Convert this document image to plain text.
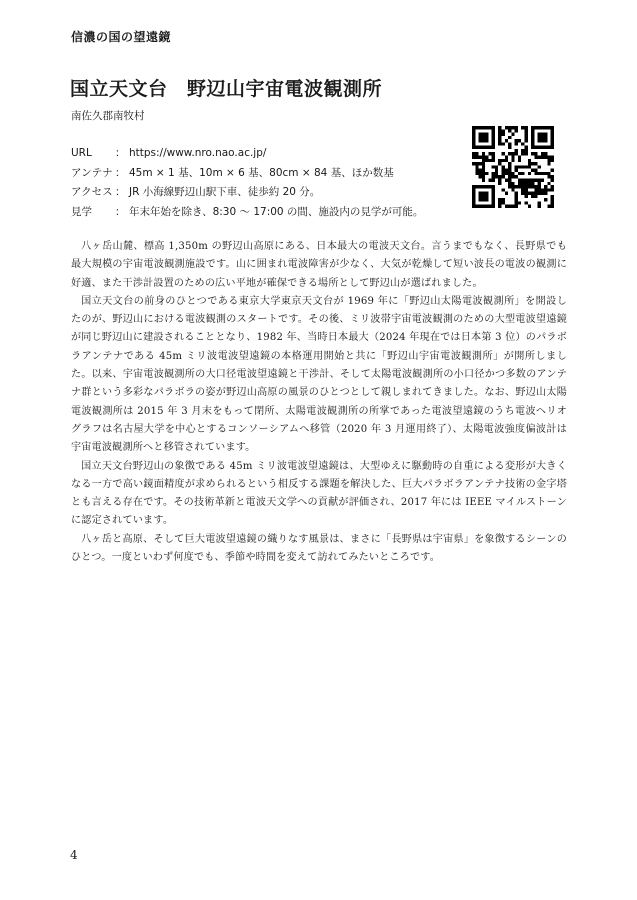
信濃の国の望遠鏡
国立天文台　野辺山宇宙電波観測所
南佐久郡南牧村
URL	： https://www.nro.nao.ac.jp/
アンテナ ： 45m × 1 基、10m × 6 基、80cm × 84 基、ほか数基
アクセス ： JR 小海線野辺山駅下車、徒歩約 20 分。
見学	： 年末年始を除き、8:30 ～ 17:00 の間、施設内の見学が可能。

八ヶ岳山麓、標高 1,350m の野辺山高原にある、日本最大の電波天文台。言うまでもなく、長野県でも最大規模の宇宙電波観測施設です。山に囲まれ電波障害が少なく、大気が乾燥して短い波長の電波の観測に好適、また干渉計設置のための広い平地が確保できる場所として野辺山が選ばれました。

国立天文台の前身のひとつである東京大学東京天文台が 1969 年に「野辺山太陽電波観測所」を開設したのが、野辺山における電波観測のスタートです。その後、ミリ波帯宇宙電波観測のための大型電波望遠鏡が同じ野辺山に建設されることとなり、1982 年、当時日本最大（2024 年現在では日本第 3 位）のパラボラアンテナである 45m ミリ波電波望遠鏡の本格運用開始と共に「野辺山宇宙電波観測所」が開所しました。以来、宇宙電波観測所の大口径電波望遠鏡と干渉計、そして太陽電波観測所の小口径かつ多数のアンテナ群という多彩なパラボラの姿が野辺山高原の風景のひとつとして親しまれてきました。なお、野辺山太陽電波観測所は 2015 年 3 月末をもって閉所、太陽電波観測所の所掌であった電波望遠鏡のうち電波ヘリオグラフは名古屋大学を中心とするコンソーシアムへ移管（2020 年 3 月運用終了）、太陽電波強度偏波計は宇宙電波観測所へと移管されています。

国立天文台野辺山の象徴である 45m ミリ波電波望遠鏡は、大型ゆえに駆動時の自重による変形が大きくなる一方で高い鏡面精度が求められるという相反する課題を解決した、巨大パラボラアンテナ技術の金字塔とも言える存在です。その技術革新と電波天文学への貢献が評価され、2017 年には IEEE マイルストーンに認定されています。

八ヶ岳と高原、そして巨大電波望遠鏡の織りなす風景は、まさに「長野県は宇宙県」を象徴するシーンのひとつ。一度といわず何度でも、季節や時間を変えて訪れてみたいところです。

4
